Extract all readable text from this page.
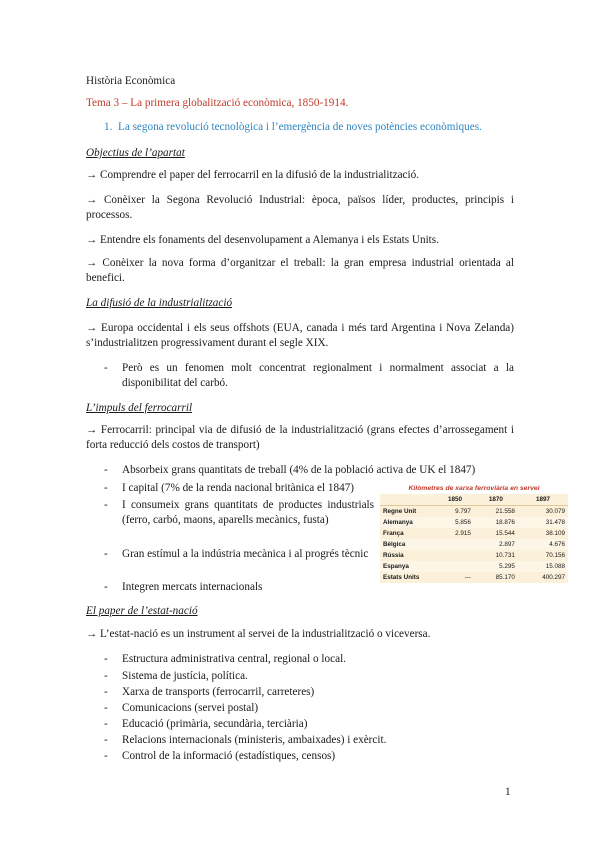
Història Econòmica
Tema 3 – La primera globalització econòmica, 1850-1914.
1.  La segona revolució tecnològica i l’emergència de noves potències econòmiques.
Objectius de l’apartat
→ Comprendre el paper del ferrocarril en la difusió de la industrialització.
→ Conèixer la Segona Revolució Industrial: època, països líder, productes, principis i processos.
→ Entendre els fonaments del desenvolupament a Alemanya i els Estats Units.
→ Conèixer la nova forma d’organitzar el treball: la gran empresa industrial orientada al benefici.
La difusió de la industrialització
→ Europa occidental i els seus offshots (EUA, canada i més tard Argentina i Nova Zelanda) s’industrialitzen progressivament durant el segle XIX.
- Però es un fenomen molt concentrat regionalment i normalment associat a la disponibilitat del carbó.
L’impuls del ferrocarril
→ Ferrocarril: principal via de difusió de la industrialització (grans efectes d’arrossegament i forta reducció dels costos de transport)
- Absorbeix grans quantitats de treball (4% de la població activa de UK el 1847)
- I capital (7% de la renda nacional britànica el 1847)
- I consumeix grans quantitats de productes industrials (ferro, carbó, maons, aparells mecànics, fusta)
- Gran estímul a la indústria mecànica i al progrés tècnic
- Integren mercats internacionals
Kilòmetres de xarxa ferroviària en servei
	1850	1870	1897
Regne Unit	9.797	21.558	30.079
Alemanya	5.856	18.876	31.478
França	2.915	15.544	38.109
Bèlgica		2.897	4.676
Rússia		10.731	70.156
Espanya		5.295	15.088
Estats Units	---	85.170	400.297
El paper de l’estat-nació
→ L’estat-nació es un instrument al servei de la industrialització o viceversa.
- Estructura administrativa central, regional o local.
- Sistema de justícia, política.
- Xarxa de transports (ferrocarril, carreteres)
- Comunicacions (servei postal)
- Educació (primària, secundària, terciària)
- Relacions internacionals (ministeris, ambaixades) i exèrcit.
- Control de la informació (estadístiques, censos)
1
